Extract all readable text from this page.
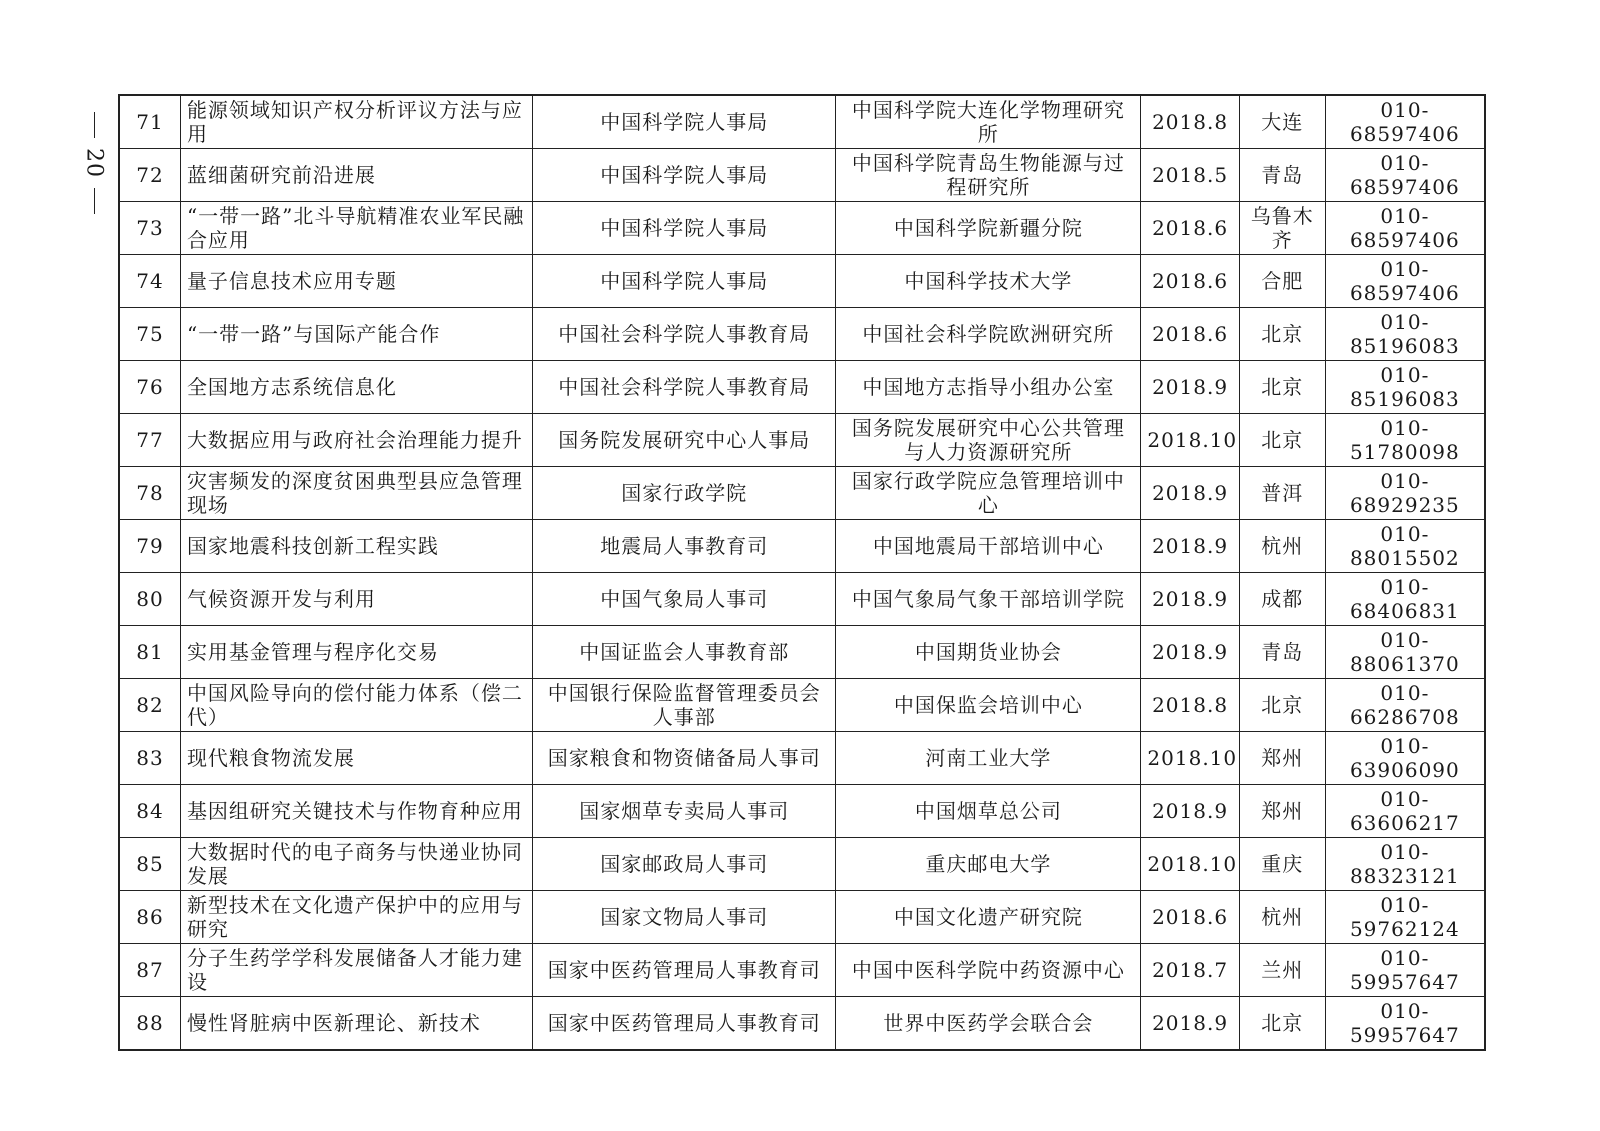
20
71	能源领域知识产权分析评议方法与应用	中国科学院人事局	中国科学院大连化学物理研究所	2018.8	大连	010-68597406
72	蓝细菌研究前沿进展	中国科学院人事局	中国科学院青岛生物能源与过程研究所	2018.5	青岛	010-68597406
73	“一带一路”北斗导航精准农业军民融合应用	中国科学院人事局	中国科学院新疆分院	2018.6	乌鲁木齐	010-68597406
74	量子信息技术应用专题	中国科学院人事局	中国科学技术大学	2018.6	合肥	010-68597406
75	“一带一路”与国际产能合作	中国社会科学院人事教育局	中国社会科学院欧洲研究所	2018.6	北京	010-85196083
76	全国地方志系统信息化	中国社会科学院人事教育局	中国地方志指导小组办公室	2018.9	北京	010-85196083
77	大数据应用与政府社会治理能力提升	国务院发展研究中心人事局	国务院发展研究中心公共管理与人力资源研究所	2018.10	北京	010-51780098
78	灾害频发的深度贫困典型县应急管理现场	国家行政学院	国家行政学院应急管理培训中心	2018.9	普洱	010-68929235
79	国家地震科技创新工程实践	地震局人事教育司	中国地震局干部培训中心	2018.9	杭州	010-88015502
80	气候资源开发与利用	中国气象局人事司	中国气象局气象干部培训学院	2018.9	成都	010-68406831
81	实用基金管理与程序化交易	中国证监会人事教育部	中国期货业协会	2018.9	青岛	010-88061370
82	中国风险导向的偿付能力体系（偿二代）	中国银行保险监督管理委员会人事部	中国保监会培训中心	2018.8	北京	010-66286708
83	现代粮食物流发展	国家粮食和物资储备局人事司	河南工业大学	2018.10	郑州	010-63906090
84	基因组研究关键技术与作物育种应用	国家烟草专卖局人事司	中国烟草总公司	2018.9	郑州	010-63606217
85	大数据时代的电子商务与快递业协同发展	国家邮政局人事司	重庆邮电大学	2018.10	重庆	010-88323121
86	新型技术在文化遗产保护中的应用与研究	国家文物局人事司	中国文化遗产研究院	2018.6	杭州	010-59762124
87	分子生药学学科发展储备人才能力建设	国家中医药管理局人事教育司	中国中医科学院中药资源中心	2018.7	兰州	010-59957647
88	慢性肾脏病中医新理论、新技术	国家中医药管理局人事教育司	世界中医药学会联合会	2018.9	北京	010-59957647
